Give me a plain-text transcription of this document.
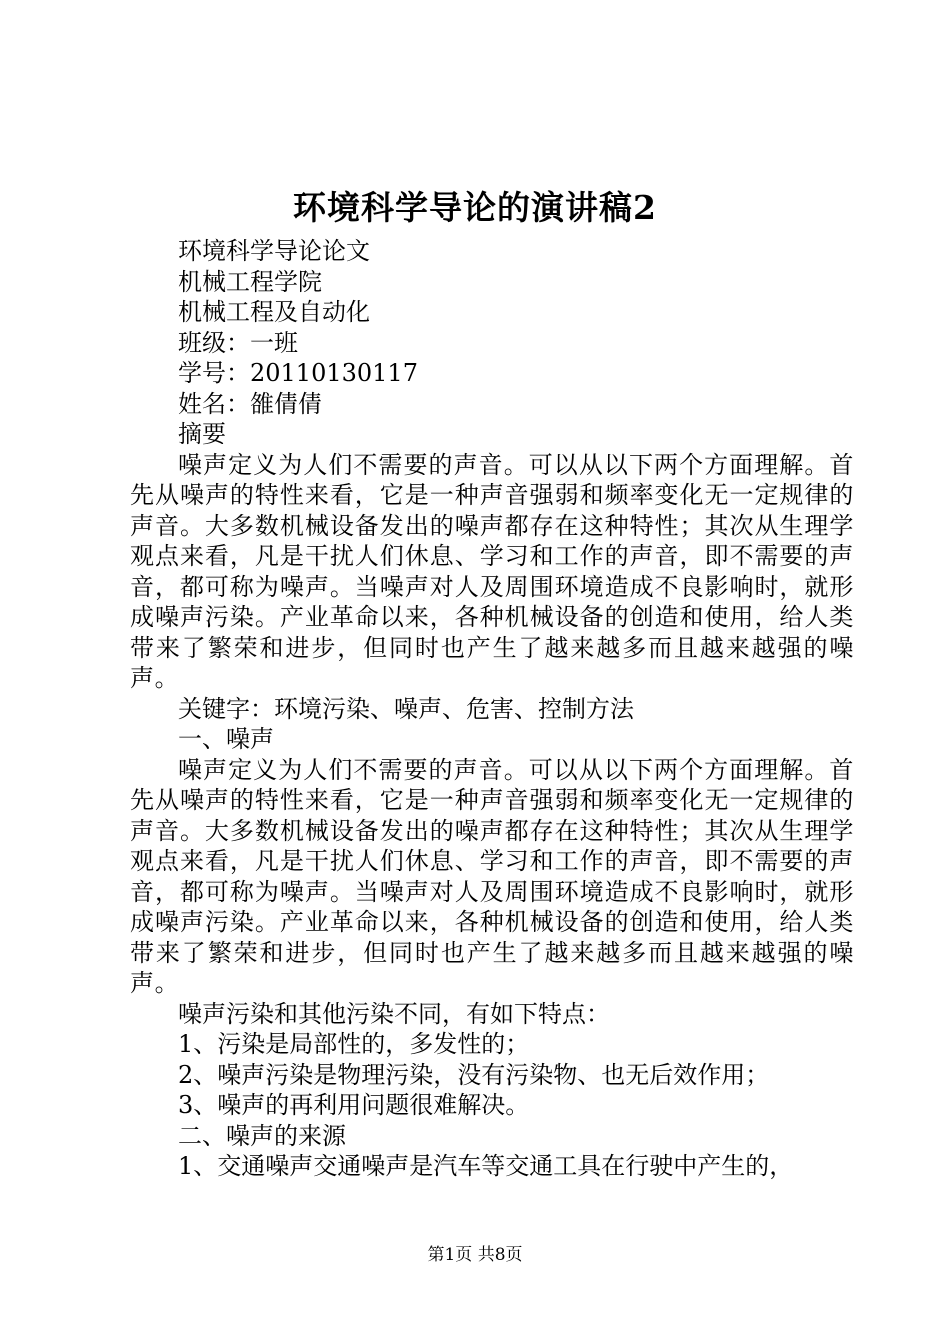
环境科学导论的演讲稿2
环境科学导论论文
机械工程学院
机械工程及自动化
班级：一班
学号：20110130117
姓名：雒倩倩
摘要
噪声定义为人们不需要的声音。可以从以下两个方面理解。首先从噪声的特性来看，它是一种声音强弱和频率变化无一定规律的声音。大多数机械设备发出的噪声都存在这种特性；其次从生理学观点来看，凡是干扰人们休息、学习和工作的声音，即不需要的声音，都可称为噪声。当噪声对人及周围环境造成不良影响时，就形成噪声污染。产业革命以来，各种机械设备的创造和使用，给人类带来了繁荣和进步，但同时也产生了越来越多而且越来越强的噪声。
关键字：环境污染、噪声、危害、控制方法
一、噪声
噪声定义为人们不需要的声音。可以从以下两个方面理解。首先从噪声的特性来看，它是一种声音强弱和频率变化无一定规律的声音。大多数机械设备发出的噪声都存在这种特性；其次从生理学观点来看，凡是干扰人们休息、学习和工作的声音，即不需要的声音，都可称为噪声。当噪声对人及周围环境造成不良影响时，就形成噪声污染。产业革命以来，各种机械设备的创造和使用，给人类带来了繁荣和进步，但同时也产生了越来越多而且越来越强的噪声。
噪声污染和其他污染不同，有如下特点：
1、污染是局部性的，多发性的；
2、噪声污染是物理污染，没有污染物、也无后效作用；
3、噪声的再利用问题很难解决。
二、噪声的来源
1、交通噪声交通噪声是汽车等交通工具在行驶中产生的，
第1页 共8页
